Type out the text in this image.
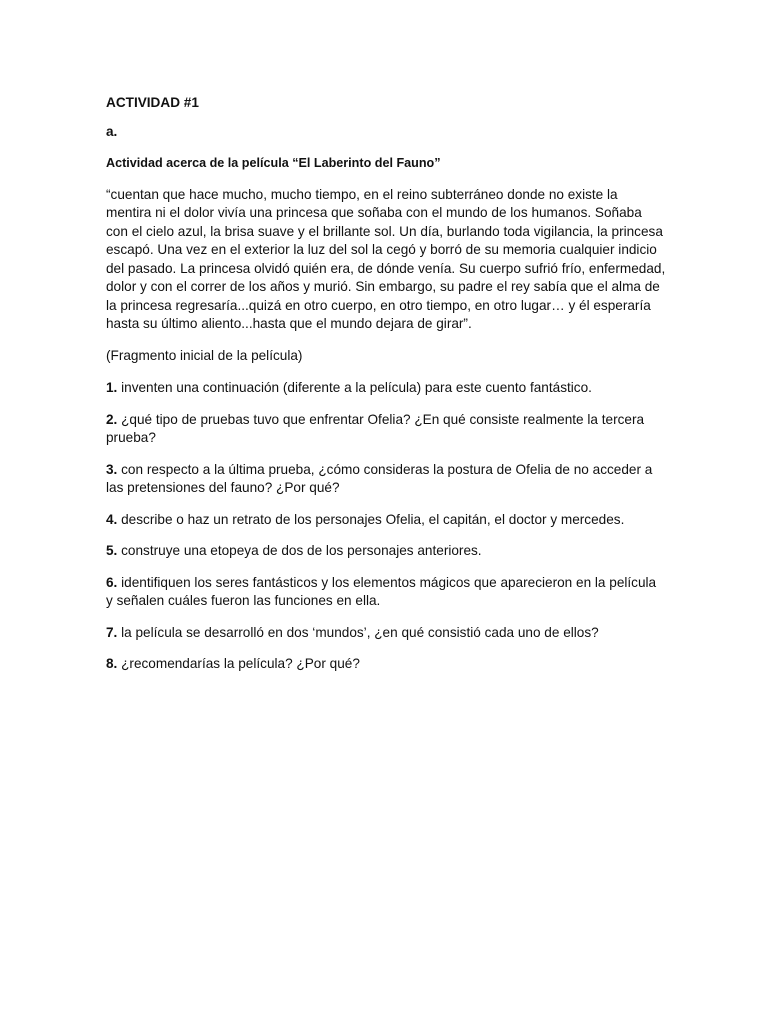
ACTIVIDAD #1

a.

Actividad acerca de la película “El Laberinto del Fauno”

“cuentan que hace mucho, mucho tiempo, en el reino subterráneo donde no existe la mentira ni el dolor vivía una princesa que soñaba con el mundo de los humanos. Soñaba con el cielo azul, la brisa suave y el brillante sol. Un día, burlando toda vigilancia, la princesa escapó. Una vez en el exterior la luz del sol la cegó y borró de su memoria cualquier indicio del pasado. La princesa olvidó quién era, de dónde venía. Su cuerpo sufrió frío, enfermedad, dolor y con el correr de los años y murió. Sin embargo, su padre el rey sabía que el alma de la princesa regresaría...quizá en otro cuerpo, en otro tiempo, en otro lugar… y él esperaría hasta su último aliento...hasta que el mundo dejara de girar”.

(Fragmento inicial de la película)

1. inventen una continuación (diferente a la película) para este cuento fantástico.

2. ¿qué tipo de pruebas tuvo que enfrentar Ofelia? ¿En qué consiste realmente la tercera prueba?

3. con respecto a la última prueba, ¿cómo consideras la postura de Ofelia de no acceder a las pretensiones del fauno? ¿Por qué?

4. describe o haz un retrato de los personajes Ofelia, el capitán, el doctor y mercedes.

5. construye una etopeya de dos de los personajes anteriores.

6. identifiquen los seres fantásticos y los elementos mágicos que aparecieron en la película y señalen cuáles fueron las funciones en ella.

7. la película se desarrolló en dos ‘mundos’, ¿en qué consistió cada uno de ellos?

8. ¿recomendarías la película? ¿Por qué?
